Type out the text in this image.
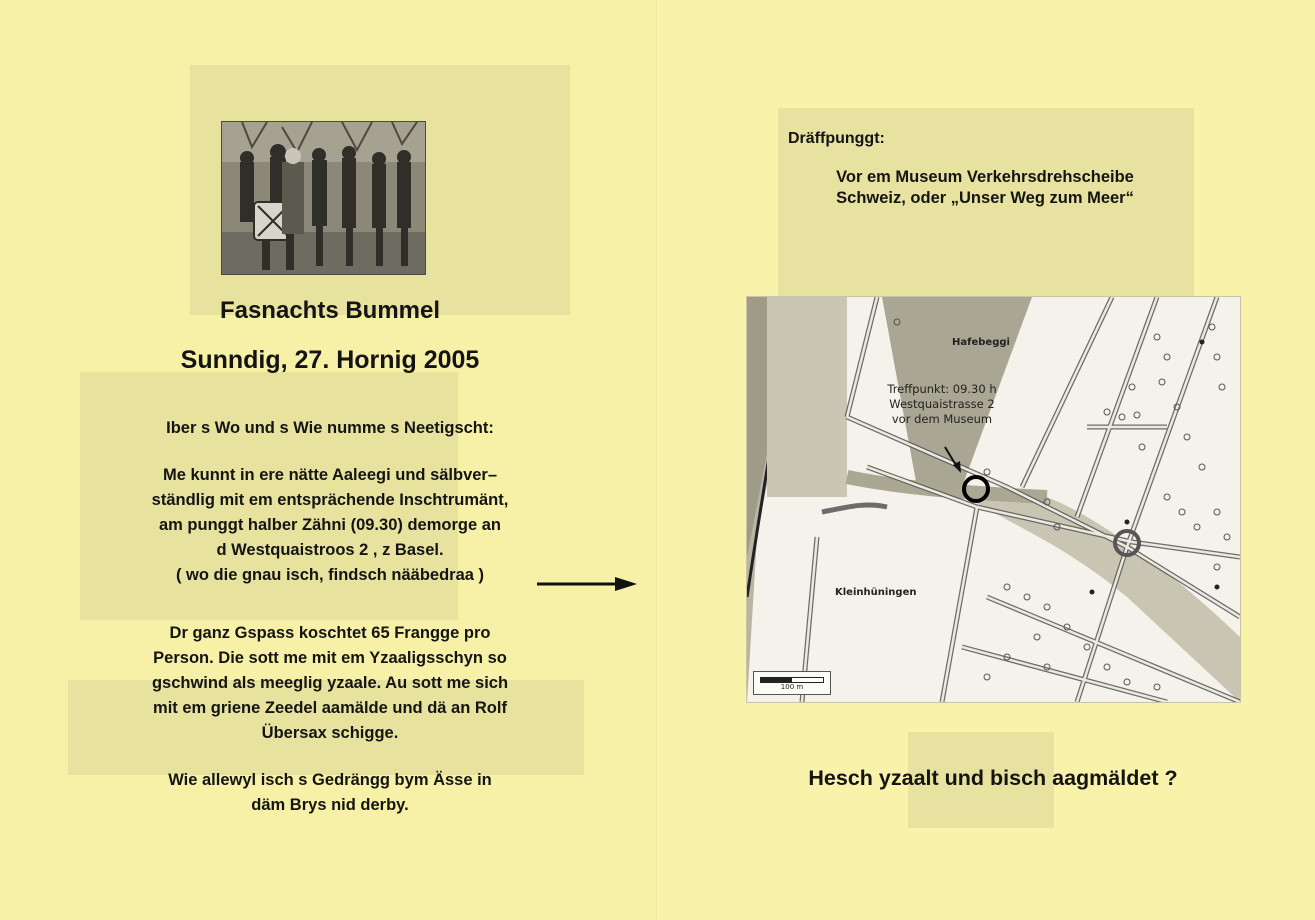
Fasnachts Bummel
Sunndig, 27. Hornig 2005
Iber s Wo und s Wie numme s Neetigscht:
Me kunnt in ere nätte Aaleegi und sälbver–
ständlig mit em entsprächende Inschtrumänt,
am punggt halber Zähni (09.30) demorge an
d Westquaistroos 2 , z Basel.
( wo die gnau isch, findsch nääbedraa )
Dr ganz Gspass koschtet 65 Frangge pro
Person. Die sott me mit em Yzaaligsschyn so
gschwind als meeglig yzaale. Au sott me sich
mit em griene Zeedel aamälde und dä an Rolf
Übersax schigge.
Wie allewyl isch s Gedrängg bym Ässe in
däm Brys nid derby.
Dräffpunggt:
Vor em Museum Verkehrsdrehscheibe
Schweiz, oder „Unser Weg zum Meer“
Hafebeggi
Kleinhüningen
Treffpunkt: 09.30 h
Westquaistrasse 2
vor dem Museum
100 m
Hesch yzaalt und bisch aagmäldet ?
